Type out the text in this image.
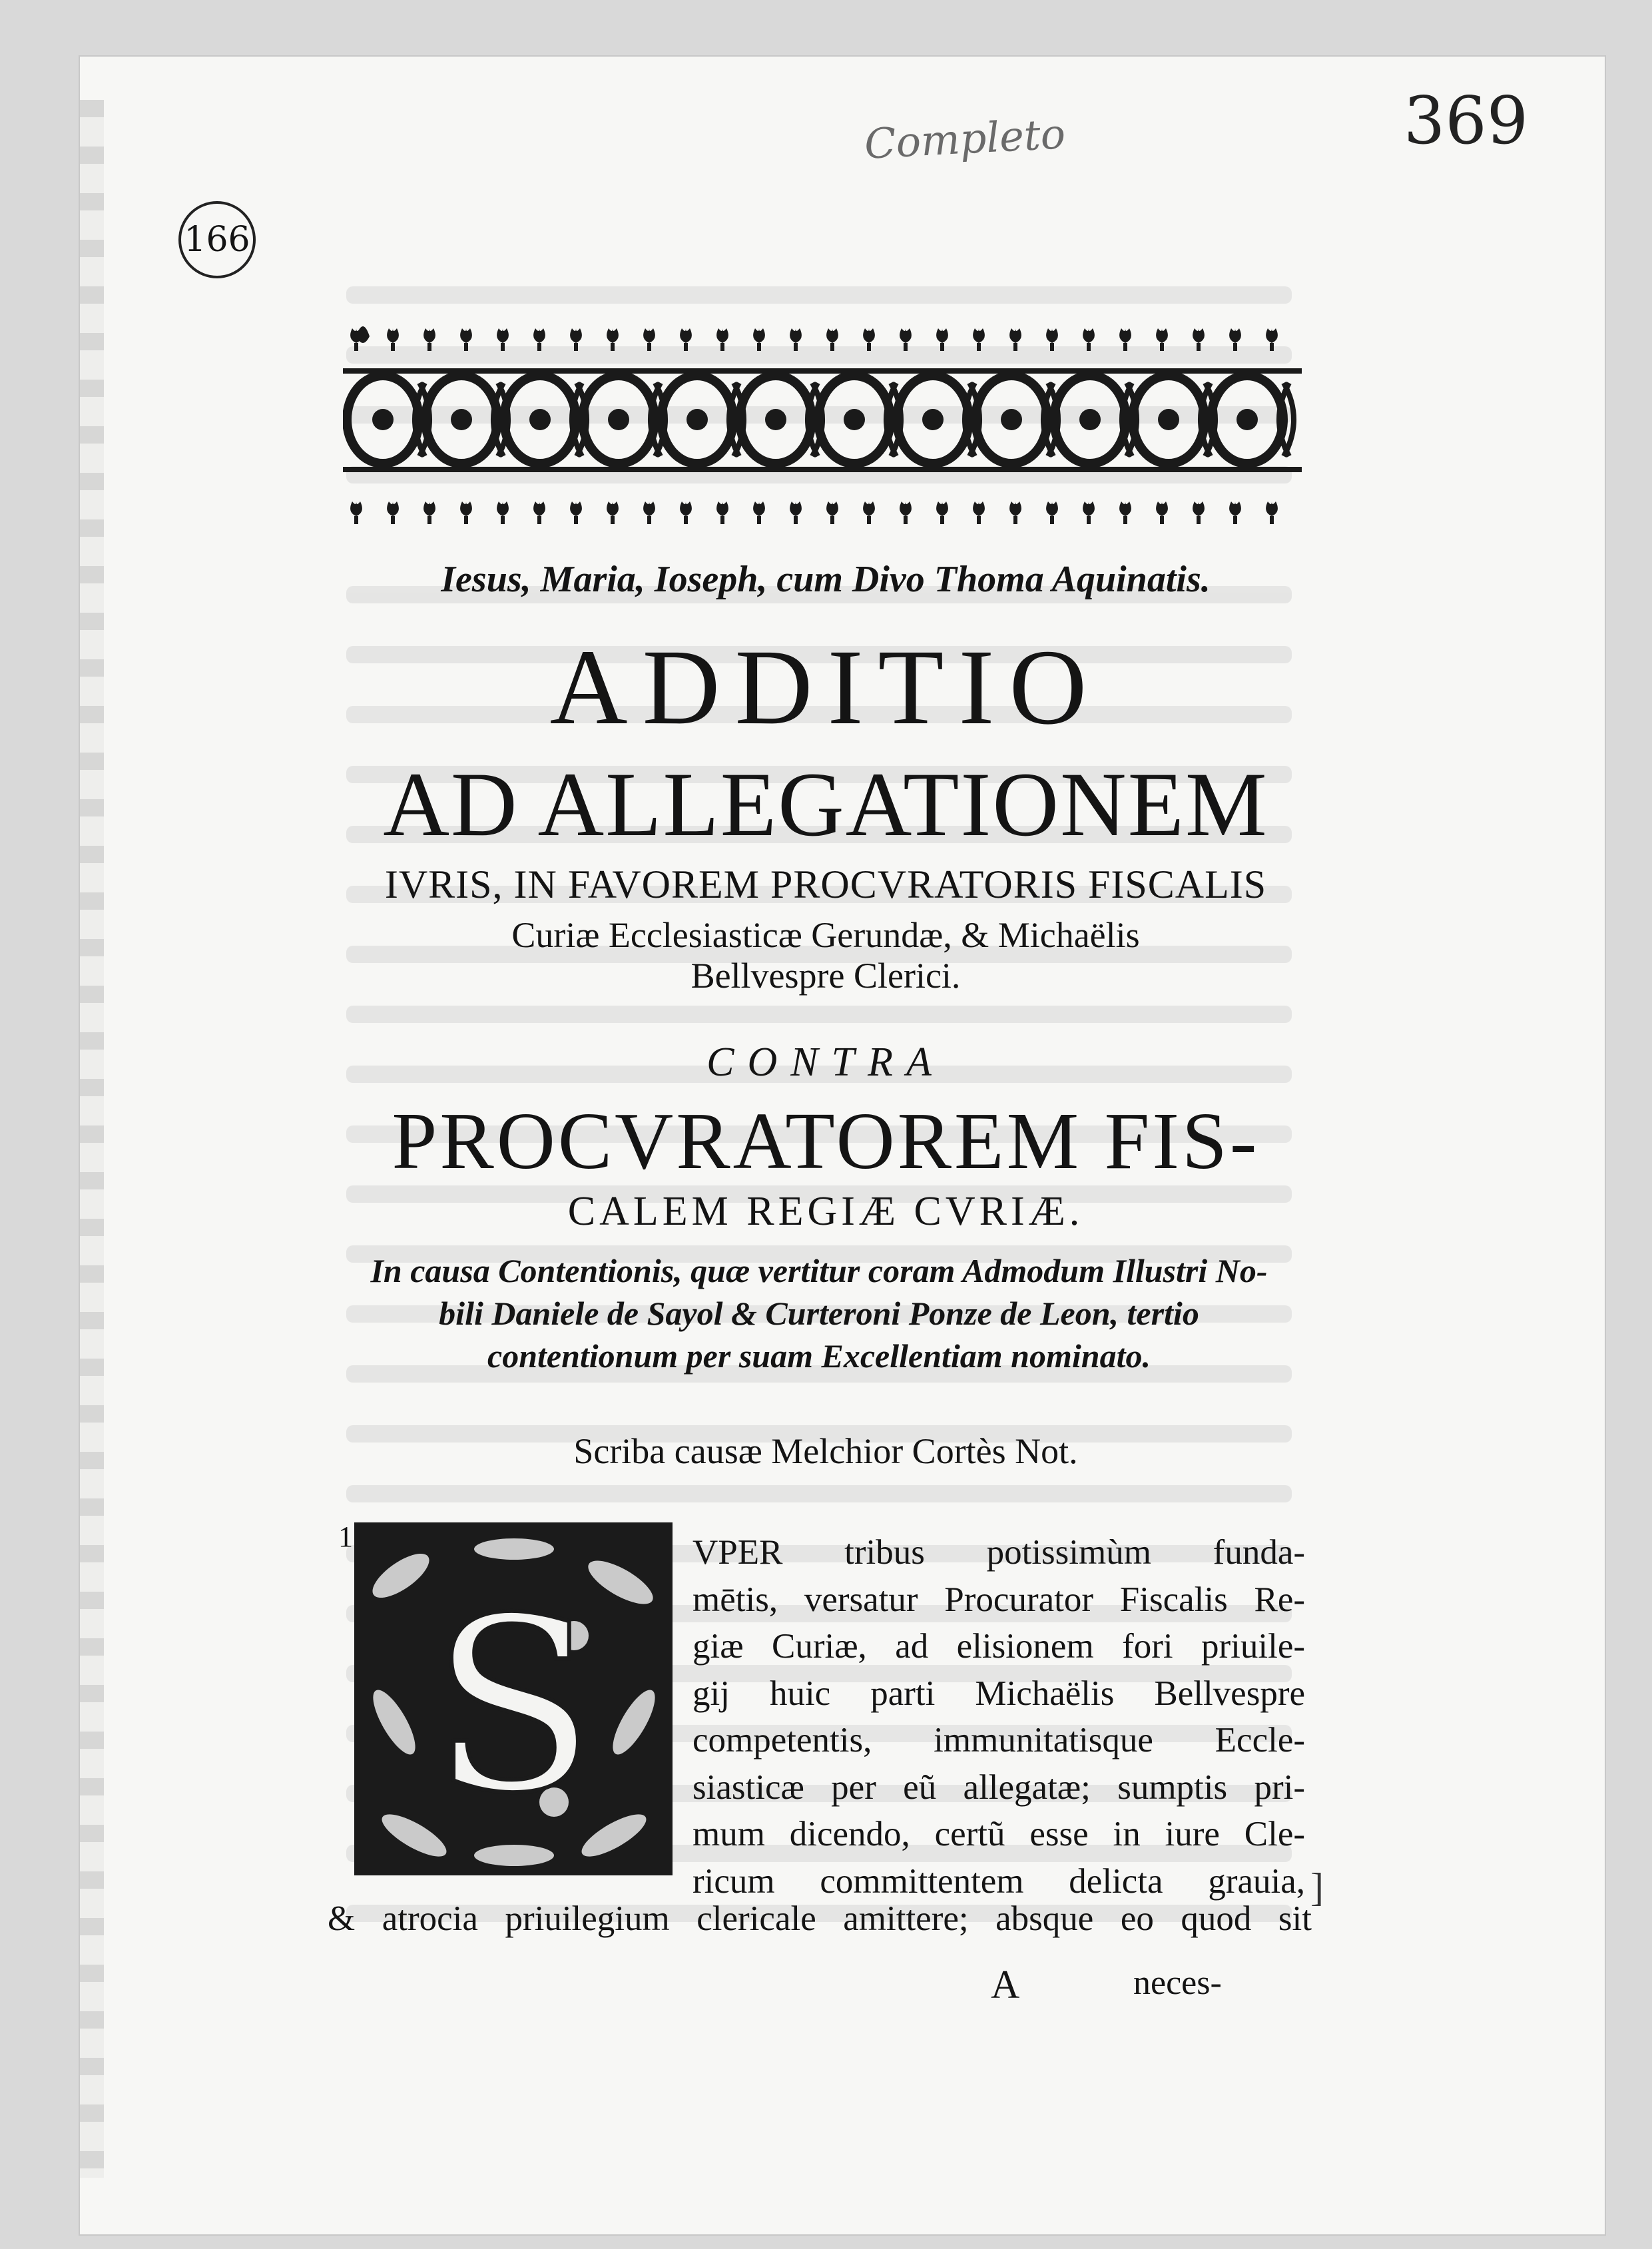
Completo	369
166
Iesus, Maria, Ioseph, cum Divo Thoma Aquinatis.
ADDITIO
AD ALLEGATIONEM
IVRIS, IN FAVOREM PROCVRATORIS FISCALIS
Curiæ Ecclesiasticæ Gerundæ, & Michaëlis
Bellvespre Clerici.
CONTRA
PROCVRATOREM FIS-
CALEM REGIÆ CVRIÆ.
In causa Contentionis, quæ vertitur coram Admodum Illustri No-
bili Daniele de Sayol & Curteroni Ponze de Leon, tertio
contentionum per suam Excellentiam nominato.
Scriba causæ Melchior Cortès Not.
1
S
VPER tribus potissimùm funda-
mētis, versatur Procurator Fiscalis Re-
giæ Curiæ, ad elisionem fori priuile-
gij huic parti Michaëlis Bellvespre
competentis, immunitatisque Eccle-
siasticæ per eũ allegatæ; sumptis pri-
mum dicendo, certũ esse in iure Cle-
ricum committentem delicta grauia,
& atrocia priuilegium clericale amittere; absque eo quod sit
A	neces-
]
